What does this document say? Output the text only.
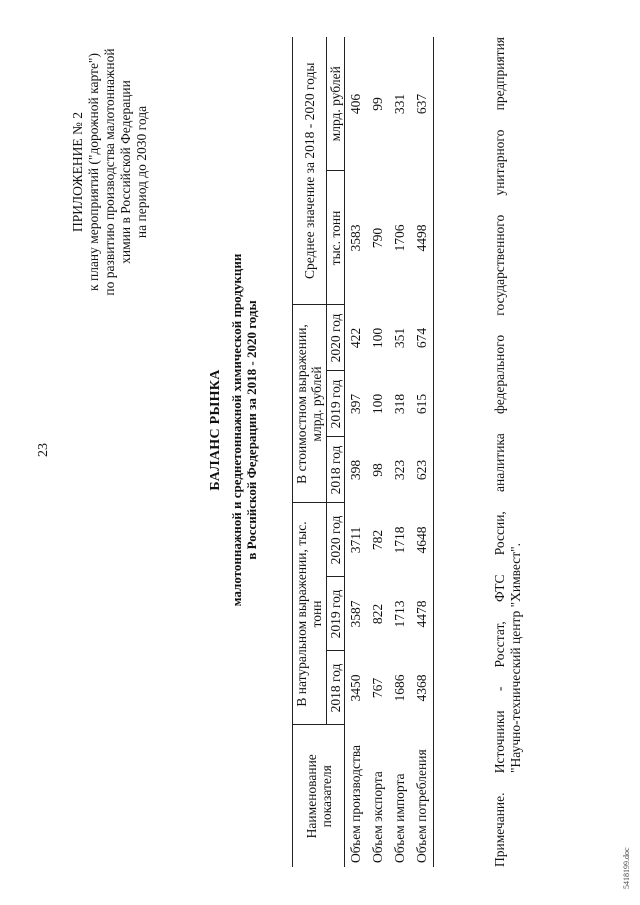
23
ПРИЛОЖЕНИЕ № 2 к плану мероприятий ("дорожной карте") по развитию производства малотоннажной химии в Российской Федерации на период до 2030 года
БАЛАНС РЫНКА малотоннажной и среднетоннажной химической продукции в Российской Федерации за 2018 - 2020 годы
Наименование показателя	В натуральном выражении, тыс. тонн			В стоимостном выражении, млрд. рублей			Среднее значение за 2018 - 2020 годы	
	2018 год	2019 год	2020 год	2018 год	2019 год	2020 год	тыс. тонн	млрд. рублей
Объем производства	3450	3587	3711	398	397	422	3583	406
Объем экспорта	767	822	782	98	100	100	790	99
Объем импорта	1686	1713	1718	323	318	351	1706	331
Объем потребления	4368	4478	4648	623	615	674	4498	637	Примечание. Источники - Росстат, ФТС России, аналитика федерального государственного унитарного предприятия "Научно-технический центр "Химвест".
5418199.doc
